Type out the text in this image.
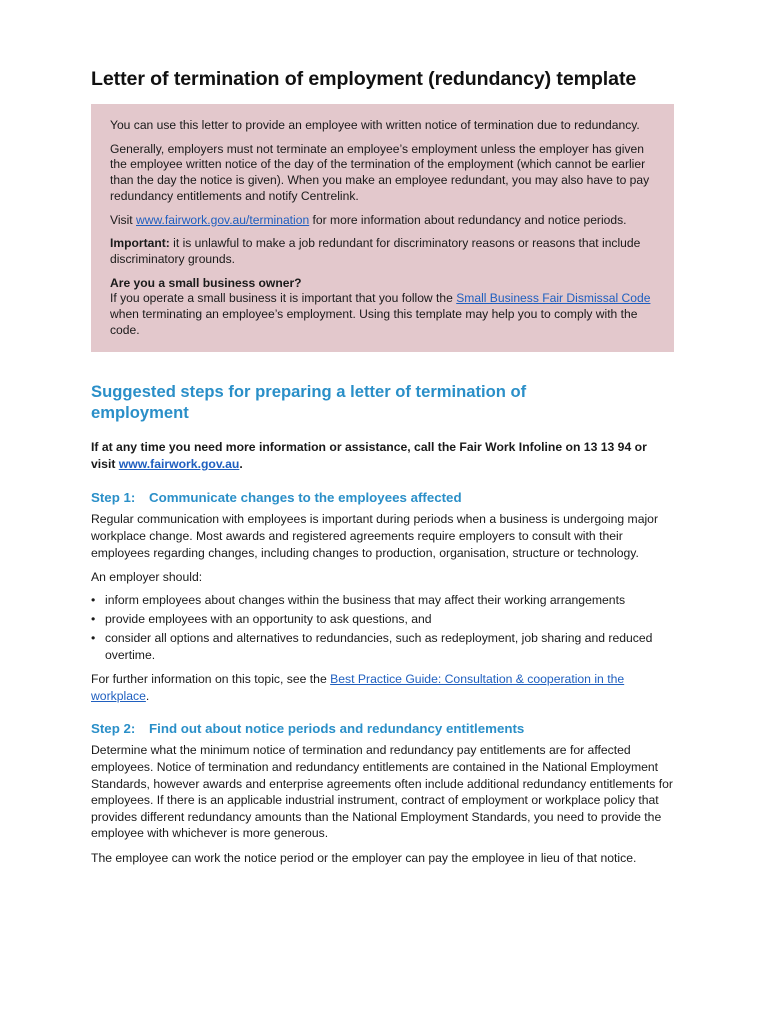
Letter of termination of employment (redundancy) template

You can use this letter to provide an employee with written notice of termination due to redundancy.

Generally, employers must not terminate an employee’s employment unless the employer has given the employee written notice of the day of the termination of the employment (which cannot be earlier than the day the notice is given). When you make an employee redundant, you may also have to pay redundancy entitlements and notify Centrelink.

Visit www.fairwork.gov.au/termination for more information about redundancy and notice periods.

Important: it is unlawful to make a job redundant for discriminatory reasons or reasons that include discriminatory grounds.

Are you a small business owner?
If you operate a small business it is important that you follow the Small Business Fair Dismissal Code when terminating an employee’s employment. Using this template may help you to comply with the code.

Suggested steps for preparing a letter of termination of employment

If at any time you need more information or assistance, call the Fair Work Infoline on 13 13 94 or visit www.fairwork.gov.au.

Step 1: Communicate changes to the employees affected

Regular communication with employees is important during periods when a business is undergoing major workplace change. Most awards and registered agreements require employers to consult with their employees regarding changes, including changes to production, organisation, structure or technology.

An employer should:

• inform employees about changes within the business that may affect their working arrangements
• provide employees with an opportunity to ask questions, and
• consider all options and alternatives to redundancies, such as redeployment, job sharing and reduced overtime.

For further information on this topic, see the Best Practice Guide: Consultation & cooperation in the workplace.

Step 2: Find out about notice periods and redundancy entitlements

Determine what the minimum notice of termination and redundancy pay entitlements are for affected employees. Notice of termination and redundancy entitlements are contained in the National Employment Standards, however awards and enterprise agreements often include additional redundancy entitlements for employees. If there is an applicable industrial instrument, contract of employment or workplace policy that provides different redundancy amounts than the National Employment Standards, you need to provide the employee with whichever is more generous.

The employee can work the notice period or the employer can pay the employee in lieu of that notice.
